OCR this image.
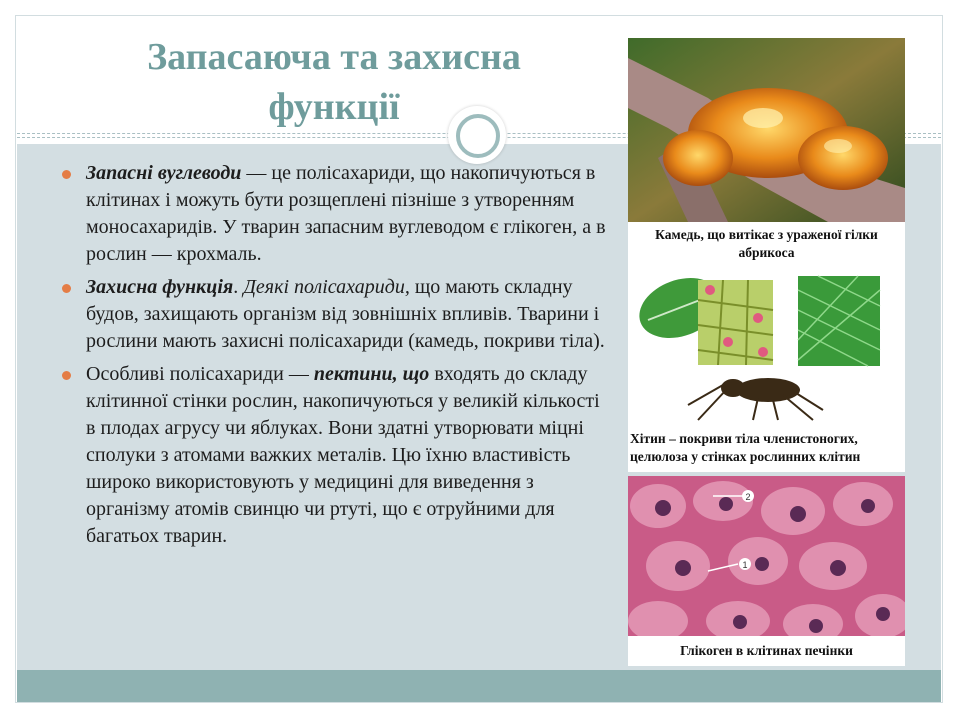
Запасаюча та захисна
функції
Запасні вуглеводи — це полісахариди, що накопичуються в клітинах і можуть бути розщеплені пізніше з утворенням моносахаридів. У тварин запасним вуглеводом є глікоген, а в рослин — крохмаль.
Захисна функція. Деякі полісахариди, що мають складну будов, захищають організм від зовнішніх впливів. Тварини і рослини мають захисні полісахариди (камедь, покриви тіла).
Особливі полісахариди — пектини, що входять до складу клітинної стінки рослин, накопичуються у великій кількості в плодах агрусу чи яблуках. Вони здатні утворювати міцні сполуки з атомами важких металів. Цю їхню властивість широко використовують у медицині для виведення з організму атомів свинцю чи ртуті, що є отруйними для багатьох тварин.
Камедь, що витікає з ураженої гілки абрикоса
Хітин – покриви тіла членистоногих, целюлоза у стінках рослинних клітин
1
2
Глікоген в клітинах печінки
